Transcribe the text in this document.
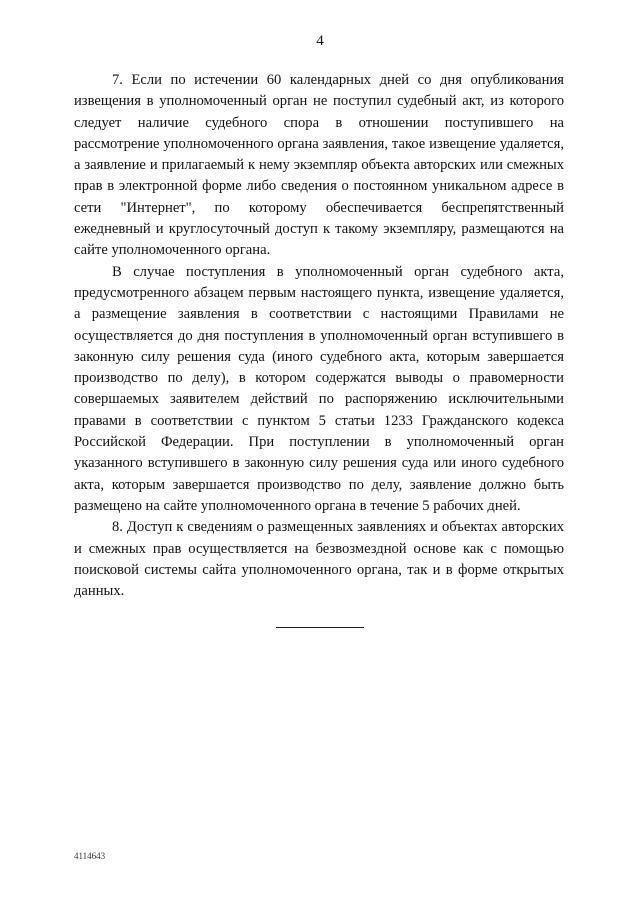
4

7. Если по истечении 60 календарных дней со дня опубликования извещения в уполномоченный орган не поступил судебный акт, из которого следует наличие судебного спора в отношении поступившего на рассмотрение уполномоченного органа заявления, такое извещение удаляется, а заявление и прилагаемый к нему экземпляр объекта авторских или смежных прав в электронной форме либо сведения о постоянном уникальном адресе в сети "Интернет", по которому обеспечивается беспрепятственный ежедневный и круглосуточный доступ к такому экземпляру, размещаются на сайте уполномоченного органа.

В случае поступления в уполномоченный орган судебного акта, предусмотренного абзацем первым настоящего пункта, извещение удаляется, а размещение заявления в соответствии с настоящими Правилами не осуществляется до дня поступления в уполномоченный орган вступившего в законную силу решения суда (иного судебного акта, которым завершается производство по делу), в котором содержатся выводы о правомерности совершаемых заявителем действий по распоряжению исключительными правами в соответствии с пунктом 5 статьи 1233 Гражданского кодекса Российской Федерации. При поступлении в уполномоченный орган указанного вступившего в законную силу решения суда или иного судебного акта, которым завершается производство по делу, заявление должно быть размещено на сайте уполномоченного органа в течение 5 рабочих дней.

8. Доступ к сведениям о размещенных заявлениях и объектах авторских и смежных прав осуществляется на безвозмездной основе как с помощью поисковой системы сайта уполномоченного органа, так и в форме открытых данных.

4114643
